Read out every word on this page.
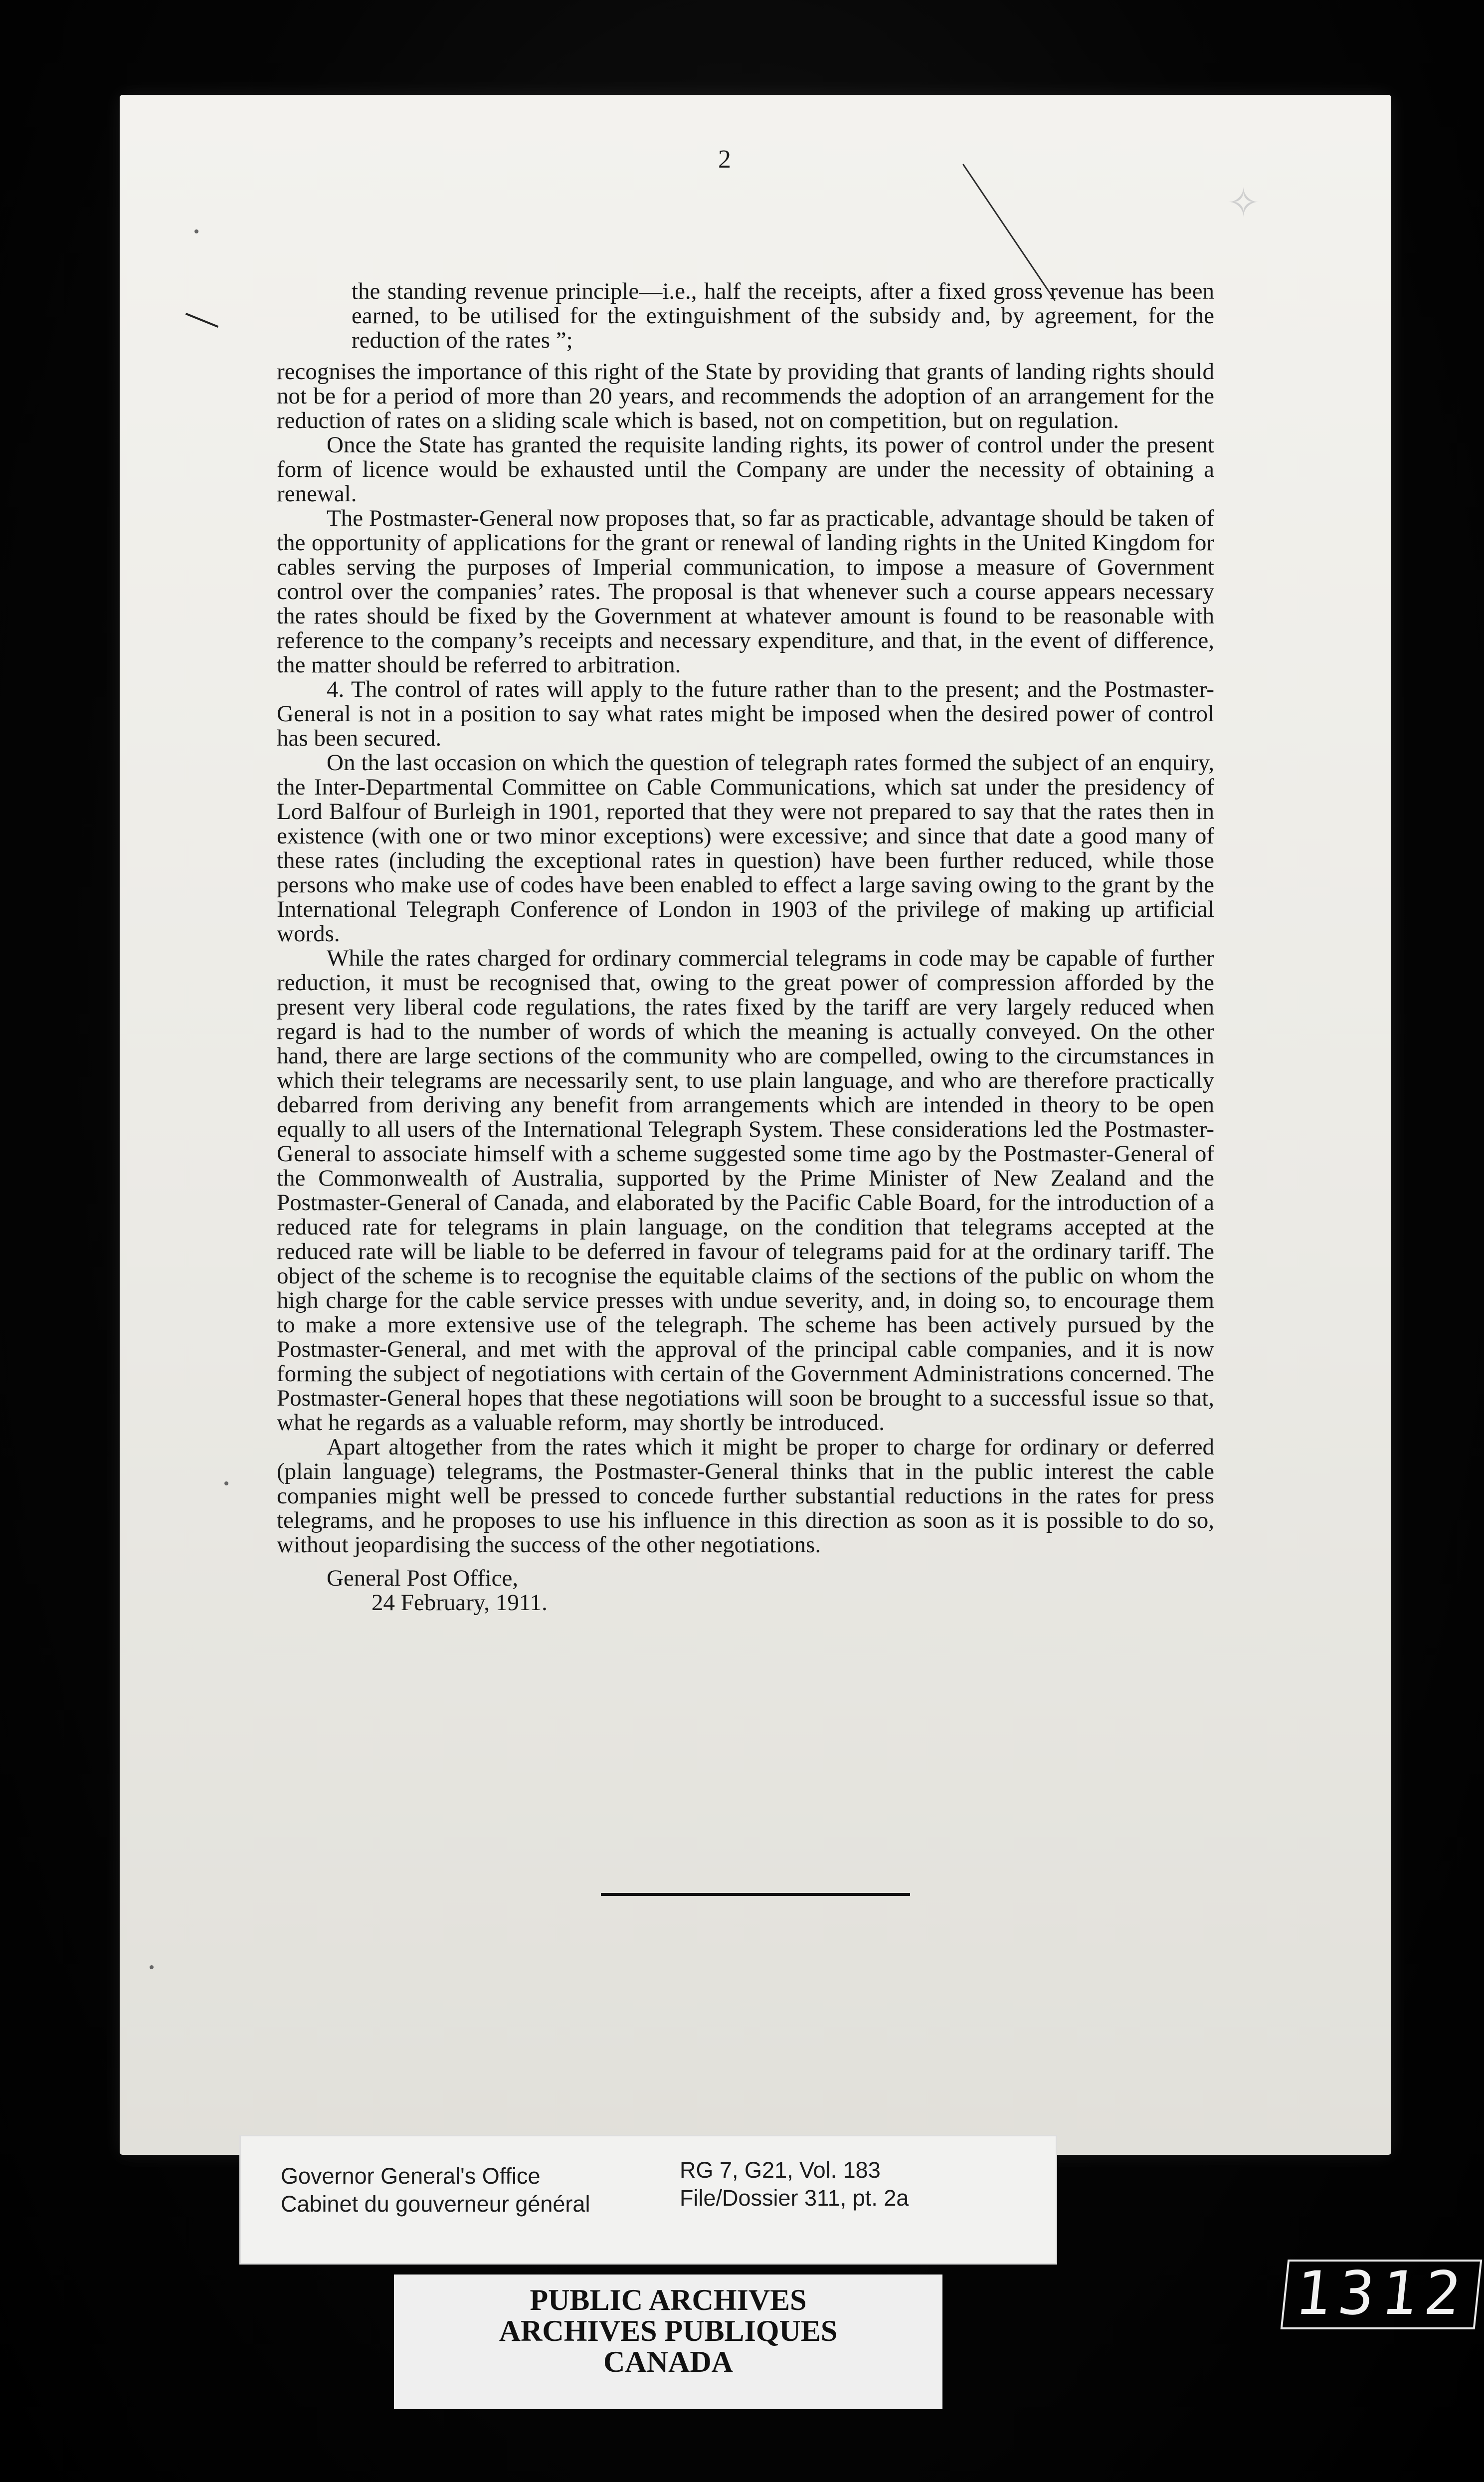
✧
2

the standing revenue principle—i.e., half the receipts, after a fixed gross revenue has been earned, to be utilised for the extinguishment of the subsidy and, by agreement, for the reduction of the rates ”;

recognises the importance of this right of the State by providing that grants of landing rights should not be for a period of more than 20 years, and recommends the adoption of an arrangement for the reduction of rates on a sliding scale which is based, not on competition, but on regulation.

Once the State has granted the requisite landing rights, its power of control under the present form of licence would be exhausted until the Company are under the necessity of obtaining a renewal.

The Postmaster-General now proposes that, so far as practicable, advantage should be taken of the opportunity of applications for the grant or renewal of landing rights in the United Kingdom for cables serving the purposes of Imperial communication, to impose a measure of Government control over the companies’ rates. The proposal is that whenever such a course appears necessary the rates should be fixed by the Government at whatever amount is found to be reasonable with reference to the company’s receipts and necessary expenditure, and that, in the event of difference, the matter should be referred to arbitration.

4. The control of rates will apply to the future rather than to the present; and the Postmaster-General is not in a position to say what rates might be imposed when the desired power of control has been secured.

On the last occasion on which the question of telegraph rates formed the subject of an enquiry, the Inter-Departmental Committee on Cable Communications, which sat under the presidency of Lord Balfour of Burleigh in 1901, reported that they were not prepared to say that the rates then in existence (with one or two minor exceptions) were excessive; and since that date a good many of these rates (including the exceptional rates in question) have been further reduced, while those persons who make use of codes have been enabled to effect a large saving owing to the grant by the International Telegraph Conference of London in 1903 of the privilege of making up artificial words.

While the rates charged for ordinary commercial telegrams in code may be capable of further reduction, it must be recognised that, owing to the great power of compression afforded by the present very liberal code regulations, the rates fixed by the tariff are very largely reduced when regard is had to the number of words of which the meaning is actually conveyed. On the other hand, there are large sections of the community who are compelled, owing to the circumstances in which their telegrams are necessarily sent, to use plain language, and who are therefore practically debarred from deriving any benefit from arrangements which are intended in theory to be open equally to all users of the International Telegraph System. These considerations led the Postmaster-General to associate himself with a scheme suggested some time ago by the Postmaster-General of the Commonwealth of Australia, supported by the Prime Minister of New Zealand and the Postmaster-General of Canada, and elaborated by the Pacific Cable Board, for the introduction of a reduced rate for telegrams in plain language, on the condition that telegrams accepted at the reduced rate will be liable to be deferred in favour of telegrams paid for at the ordinary tariff. The object of the scheme is to recognise the equitable claims of the sections of the public on whom the high charge for the cable service presses with undue severity, and, in doing so, to encourage them to make a more extensive use of the telegraph. The scheme has been actively pursued by the Postmaster-General, and met with the approval of the principal cable companies, and it is now forming the subject of negotiations with certain of the Government Administrations concerned. The Postmaster-General hopes that these negotiations will soon be brought to a successful issue so that, what he regards as a valuable reform, may shortly be introduced.

Apart altogether from the rates which it might be proper to charge for ordinary or deferred (plain language) telegrams, the Postmaster-General thinks that in the public interest the cable companies might well be pressed to concede further substantial reductions in the rates for press telegrams, and he proposes to use his influence in this direction as soon as it is possible to do so, without jeopardising the success of the other negotiations.

General Post Office,

24 February, 1911.

Governor General's Office
Cabinet du gouverneur général
RG 7, G21, Vol. 183
File/Dossier 311, pt. 2a
PUBLIC ARCHIVES
ARCHIVES PUBLIQUES
CANADA
1312
